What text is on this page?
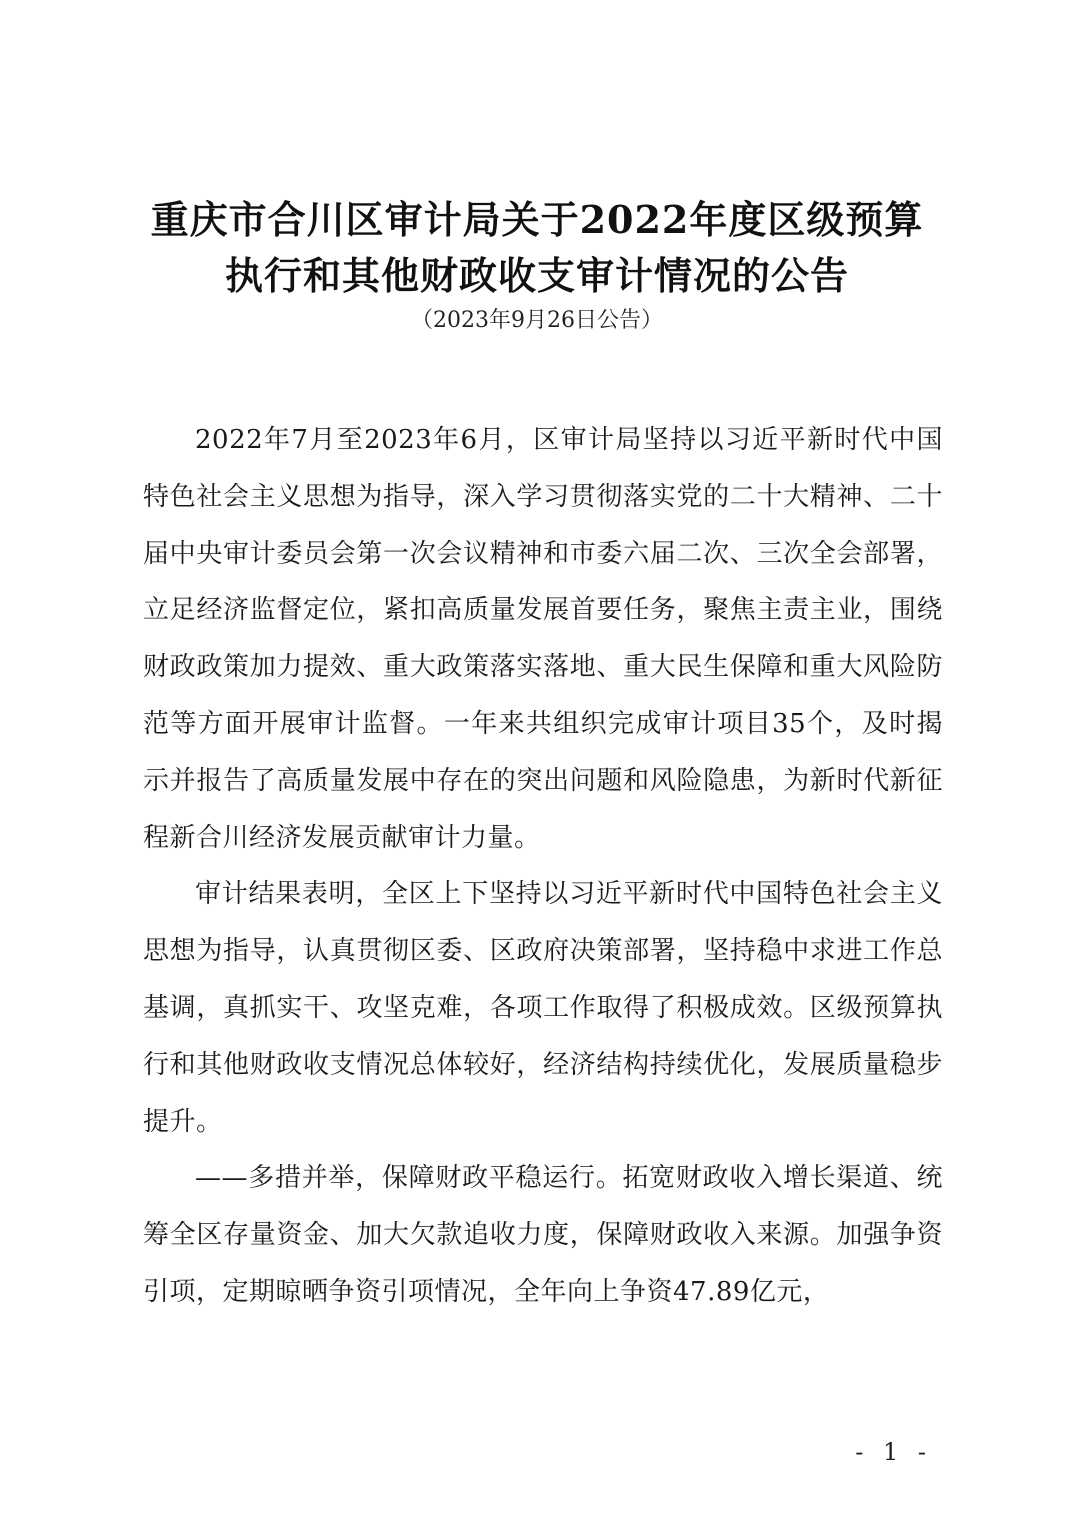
重庆市合川区审计局关于2022年度区级预算
执行和其他财政收支审计情况的公告
（2023年9月26日公告）

2022年7月至2023年6月，区审计局坚持以习近平新时代中国特色社会主义思想为指导，深入学习贯彻落实党的二十大精神、二十届中央审计委员会第一次会议精神和市委六届二次、三次全会部署，立足经济监督定位，紧扣高质量发展首要任务，聚焦主责主业，围绕财政政策加力提效、重大政策落实落地、重大民生保障和重大风险防范等方面开展审计监督。一年来共组织完成审计项目35个，及时揭示并报告了高质量发展中存在的突出问题和风险隐患，为新时代新征程新合川经济发展贡献审计力量。

审计结果表明，全区上下坚持以习近平新时代中国特色社会主义思想为指导，认真贯彻区委、区政府决策部署，坚持稳中求进工作总基调，真抓实干、攻坚克难，各项工作取得了积极成效。区级预算执行和其他财政收支情况总体较好，经济结构持续优化，发展质量稳步提升。

——多措并举，保障财政平稳运行。拓宽财政收入增长渠道、统筹全区存量资金、加大欠款追收力度，保障财政收入来源。加强争资引项，定期晾晒争资引项情况，全年向上争资47.89亿元，

- 1 -
